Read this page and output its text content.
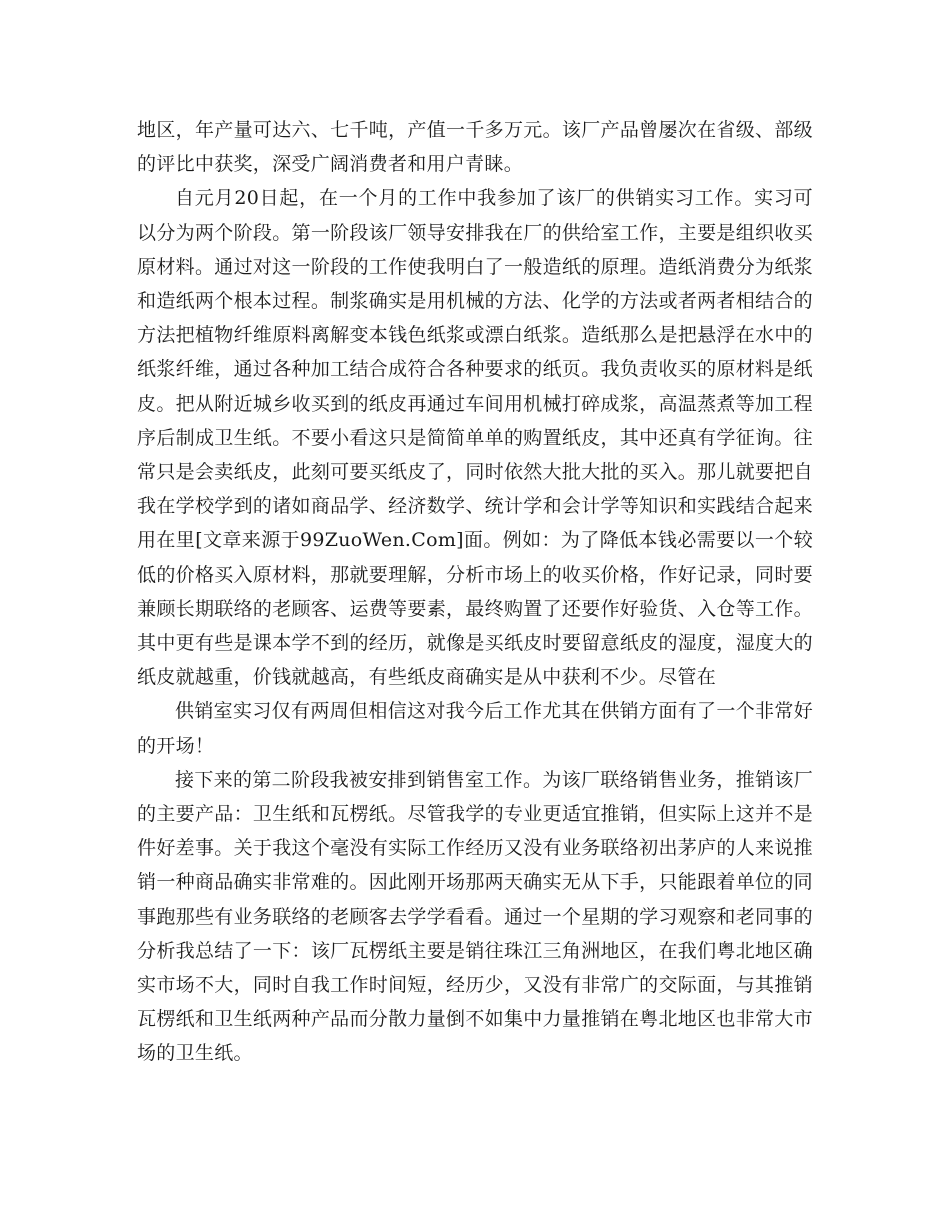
地区，年产量可达六、七千吨，产值一千多万元。该厂产品曾屡次在省级、部级的评比中获奖，深受广阔消费者和用户青睐。

自元月20日起，在一个月的工作中我参加了该厂的供销实习工作。实习可以分为两个阶段。第一阶段该厂领导安排我在厂的供给室工作，主要是组织收买原材料。通过对这一阶段的工作使我明白了一般造纸的原理。造纸消费分为纸浆和造纸两个根本过程。制浆确实是用机械的方法、化学的方法或者两者相结合的方法把植物纤维原料离解变本钱色纸浆或漂白纸浆。造纸那么是把悬浮在水中的纸浆纤维，通过各种加工结合成符合各种要求的纸页。我负责收买的原材料是纸皮。把从附近城乡收买到的纸皮再通过车间用机械打碎成浆，高温蒸煮等加工程序后制成卫生纸。不要小看这只是简简单单的购置纸皮，其中还真有学征询。往常只是会卖纸皮，此刻可要买纸皮了，同时依然大批大批的买入。那儿就要把自我在学校学到的诸如商品学、经济数学、统计学和会计学等知识和实践结合起来用在里[文章来源于99ZuoWen.Com]面。例如：为了降低本钱必需要以一个较低的价格买入原材料，那就要理解，分析市场上的收买价格，作好记录，同时要兼顾长期联络的老顾客、运费等要素，最终购置了还要作好验货、入仓等工作。其中更有些是课本学不到的经历，就像是买纸皮时要留意纸皮的湿度，湿度大的纸皮就越重，价钱就越高，有些纸皮商确实是从中获利不少。尽管在

供销室实习仅有两周但相信这对我今后工作尤其在供销方面有了一个非常好的开场！

接下来的第二阶段我被安排到销售室工作。为该厂联络销售业务，推销该厂的主要产品：卫生纸和瓦楞纸。尽管我学的专业更适宜推销，但实际上这并不是件好差事。关于我这个毫没有实际工作经历又没有业务联络初出茅庐的人来说推销一种商品确实非常难的。因此刚开场那两天确实无从下手，只能跟着单位的同事跑那些有业务联络的老顾客去学学看看。通过一个星期的学习观察和老同事的分析我总结了一下：该厂瓦楞纸主要是销往珠江三角洲地区，在我们粤北地区确实市场不大，同时自我工作时间短，经历少，又没有非常广的交际面，与其推销瓦楞纸和卫生纸两种产品而分散力量倒不如集中力量推销在粤北地区也非常大市场的卫生纸。
